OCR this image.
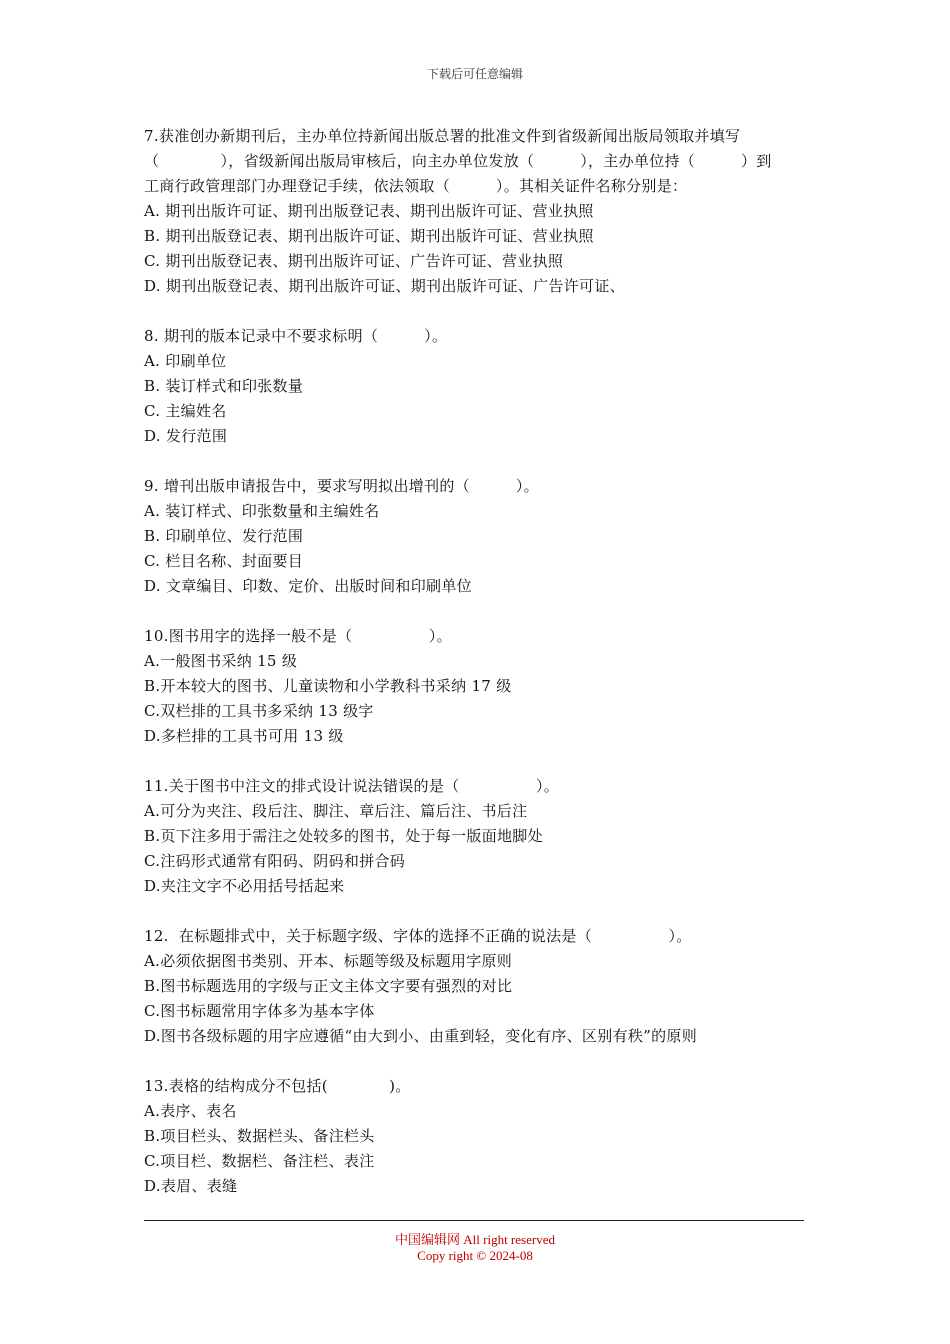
下载后可任意编辑
7.获准创办新期刊后，主办单位持新闻出版总署的批准文件到省级新闻出版局领取并填写
（　　　　），省级新闻出版局审核后，向主办单位发放（　　　），主办单位持（　　　）到
工商行政管理部门办理登记手续，依法领取（　　　）。其相关证件名称分别是：
A. 期刊出版许可证、期刊出版登记表、期刊出版许可证、营业执照
B. 期刊出版登记表、期刊出版许可证、期刊出版许可证、营业执照
C. 期刊出版登记表、期刊出版许可证、广告许可证、营业执照
D. 期刊出版登记表、期刊出版许可证、期刊出版许可证、广告许可证、
8. 期刊的版本记录中不要求标明（　　　）。
A. 印刷单位
B. 装订样式和印张数量
C. 主编姓名
D. 发行范围
9. 增刊出版申请报告中，要求写明拟出增刊的（　　　）。
A. 装订样式、印张数量和主编姓名
B. 印刷单位、发行范围
C. 栏目名称、封面要目
D. 文章编目、印数、定价、出版时间和印刷单位
10.图书用字的选择一般不是（　　　　　）。
A.一般图书采纳 15 级
B.开本较大的图书、儿童读物和小学教科书采纳 17 级
C.双栏排的工具书多采纳 13 级字
D.多栏排的工具书可用 13 级
11.关于图书中注文的排式设计说法错误的是（　　　　　）。
A.可分为夹注、段后注、脚注、章后注、篇后注、书后注
B.页下注多用于需注之处较多的图书，处于每一版面地脚处
C.注码形式通常有阳码、阴码和拼合码
D.夹注文字不必用括号括起来
12.  在标题排式中，关于标题字级、字体的选择不正确的说法是（　　　　　）。
A.必须依据图书类别、开本、标题等级及标题用字原则
B.图书标题选用的字级与正文主体文字要有强烈的对比
C.图书标题常用字体多为基本字体
D.图书各级标题的用字应遵循“由大到小、由重到轻，变化有序、区别有秩”的原则
13.表格的结构成分不包括(　　　　)。
A.表序、表名
B.项目栏头、数据栏头、备注栏头
C.项目栏、数据栏、备注栏、表注
D.表眉、表缝
中国编辑网 All right reserved
Copy right © 2024-08
